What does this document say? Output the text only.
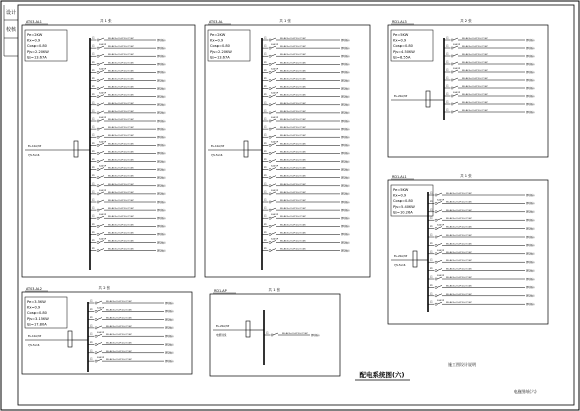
设计
校核
AT03-AL1	共 1 张
Pe=2KW
Kx=0.9
Cosφ=0.80
Pjs=2.20KW
Ijs=13.67A
EL-10A/3P
YJV-5x16
L1	WL-BV-3x2.5-PC20-CC-WC	照明插座
L1 32A/1P
WL-BV-3x2.5-PC20-CC-WC	照明插座
L1	WL-BV-3x2.5-PC20-CC-WC	照明插座
L1	WL-BV-3x2.5-PC20-CC-WC	照明插座
L1 32A/1P
WL-BV-3x2.5-PC20-CC-WC	照明插座
L1	WL-BV-3x2.5-PC20-CC-WC	照明插座
L1	WL-BV-3x2.5-PC20-CC-WC	照明插座
L1 32A/1P
WL-BV-3x2.5-PC20-CC-WC	照明插座
L1	WL-BV-3x2.5-PC20-CC-WC	照明插座
L1	WL-BV-3x2.5-PC20-CC-WC	照明插座
L1 32A/1P
WL-BV-3x2.5-PC20-CC-WC	照明插座
L1	WL-BV-3x2.5-PC20-CC-WC	照明插座
L1	WL-BV-3x2.5-PC20-CC-WC	照明插座
L1 32A/1P
WL-BV-3x2.5-PC20-CC-WC	照明插座
L1	WL-BV-3x2.5-PC20-CC-WC	照明插座
L1	WL-BV-3x2.5-PC20-CC-WC	照明插座
L1 32A/1P
WL-BV-3x2.5-PC20-CC-WC	照明插座
L1	WL-BV-3x2.5-PC20-CC-WC	照明插座
L1	WL-BV-3x2.5-PC20-CC-WC	照明插座
L1 32A/1P
WL-BV-3x2.5-PC20-CC-WC	照明插座
L1	WL-BV-3x2.5-PC20-CC-WC	照明插座
L1	WL-BV-3x2.5-PC20-CC-WC	照明插座
L1 32A/1P
WL-BV-3x2.5-PC20-CC-WC	照明插座
L1	WL-BV-3x2.5-PC20-CC-WC	照明插座
L1	WL-BV-3x2.5-PC20-CC-WC	照明插座
L1 32A/1P
WL-BV-3x2.5-PC20-CC-WC	照明插座
L1	WL-BV-3x2.5-PC20-CC-WC	照明插座
AT03-AL	共 1 张
Pe=2KW
Kx=0.9
Cosφ=0.80
Pjs=2.20KW
Ijs=13.67A
EL-10A/3P
YJV-5x16
L1	WL-BV-3x2.5-PC20-CC-WC	照明插座
L1 32A/1P
WL-BV-3x2.5-PC20-CC-WC	照明插座
L1	WL-BV-3x2.5-PC20-CC-WC	照明插座
L1	WL-BV-3x2.5-PC20-CC-WC	照明插座
L1 32A/1P
WL-BV-3x2.5-PC20-CC-WC	照明插座
L1	WL-BV-3x2.5-PC20-CC-WC	照明插座
L1	WL-BV-3x2.5-PC20-CC-WC	照明插座
L1 32A/1P
WL-BV-3x2.5-PC20-CC-WC	照明插座
L1	WL-BV-3x2.5-PC20-CC-WC	照明插座
L1	WL-BV-3x2.5-PC20-CC-WC	照明插座
L1 32A/1P
WL-BV-3x2.5-PC20-CC-WC	照明插座
L1	WL-BV-3x2.5-PC20-CC-WC	照明插座
L1	WL-BV-3x2.5-PC20-CC-WC	照明插座
L1 32A/1P
WL-BV-3x2.5-PC20-CC-WC	照明插座
L1	WL-BV-3x2.5-PC20-CC-WC	照明插座
L1	WL-BV-3x2.5-PC20-CC-WC	照明插座
L1 32A/1P
WL-BV-3x2.5-PC20-CC-WC	照明插座
L1	WL-BV-3x2.5-PC20-CC-WC	照明插座
L1	WL-BV-3x2.5-PC20-CC-WC	照明插座
L1 32A/1P
WL-BV-3x2.5-PC20-CC-WC	照明插座
L1	WL-BV-3x2.5-PC20-CC-WC	照明插座
L1	WL-BV-3x2.5-PC20-CC-WC	照明插座
L1 32A/1P
WL-BV-3x2.5-PC20-CC-WC	照明插座
L1	WL-BV-3x2.5-PC20-CC-WC	照明插座
L1	WL-BV-3x2.5-PC20-CC-WC	照明插座
L1 32A/1P
WL-BV-3x2.5-PC20-CC-WC	照明插座
L1	WL-BV-3x2.5-PC20-CC-WC	照明插座
RD1-AL3	共 2 张
Pe=5KW
Kx=0.9
Cosφ=0.80
Pjs=4.50KW
Ijs=8.55A
EL-20A/3P
L1	WL-BV-3x2.5-PC20-CC-WC	照明插座
L1 32A/1P
WL-BV-3x2.5-PC20-CC-WC	照明插座
L1	WL-BV-3x2.5-PC20-CC-WC	照明插座
L1	WL-BV-3x2.5-PC20-CC-WC	照明插座
L1 32A/1P
WL-BV-3x2.5-PC20-CC-WC	照明插座
L1	WL-BV-3x2.5-PC20-CC-WC	照明插座
L1	WL-BV-3x2.5-PC20-CC-WC	照明插座
L1 32A/1P
WL-BV-3x2.5-PC20-CC-WC	照明插座
L1	WL-BV-3x2.5-PC20-CC-WC	照明插座
L1	WL-BV-3x2.5-PC20-CC-WC	照明插座
RD1-AL1	共 1 张
Pe=5KW
Kx=0.9
Cosφ=0.80
Pjs=5.40KW
Ijs=10.26A
EL-20A/3P
YJV-5x16
L1	WL-BV-3x2.5-PC20-CC-WC	照明插座
L1 32A/1P
WL-BV-3x2.5-PC20-CC-WC	照明插座
L1	WL-BV-3x2.5-PC20-CC-WC	照明插座
L1	WL-BV-3x2.5-PC20-CC-WC	照明插座
L1 32A/1P
WL-BV-3x2.5-PC20-CC-WC	照明插座
L1	WL-BV-3x2.5-PC20-CC-WC	照明插座
L1	WL-BV-3x2.5-PC20-CC-WC	照明插座
L1 32A/1P
WL-BV-3x2.5-PC20-CC-WC	照明插座
L1	WL-BV-3x2.5-PC20-CC-WC	照明插座
L1	WL-BV-3x2.5-PC20-CC-WC	照明插座
L1 32A/1P
WL-BV-3x2.5-PC20-CC-WC	照明插座
L1	WL-BV-3x2.5-PC20-CC-WC	照明插座
L1	WL-BV-3x2.5-PC20-CC-WC	照明插座
L1 32A/1P
WL-BV-3x2.5-PC20-CC-WC	照明插座
AT03-AL2	共 2 张
Pe=3.5KW
Kx=0.9
Cosφ=0.80
Pjs=3.15KW
Ijs=17.80A
EL-10A/3P
YJV-5x16
L1	WL-BV-3x2.5-PC20-CC-WC	照明插座
L1 32A/1P
WL-BV-3x2.5-PC20-CC-WC	照明插座
L1	WL-BV-3x2.5-PC20-CC-WC	照明插座
L1	WL-BV-3x2.5-PC20-CC-WC	照明插座
L1 32A/1P
WL-BV-3x2.5-PC20-CC-WC	照明插座
L1	WL-BV-3x2.5-PC20-CC-WC	照明插座
L1	WL-BV-3x2.5-PC20-CC-WC	照明插座
L1 32A/1P
WL-BV-3x2.5-PC20-CC-WC	照明插座
RD1-AP	共 1 张
EL-20A/3P
电源进线
L1	WL-BV-3x2.5-PC20-CC-WC 照明插座
配电系统图(六)
施工图设计说明
电施图纸(六)
